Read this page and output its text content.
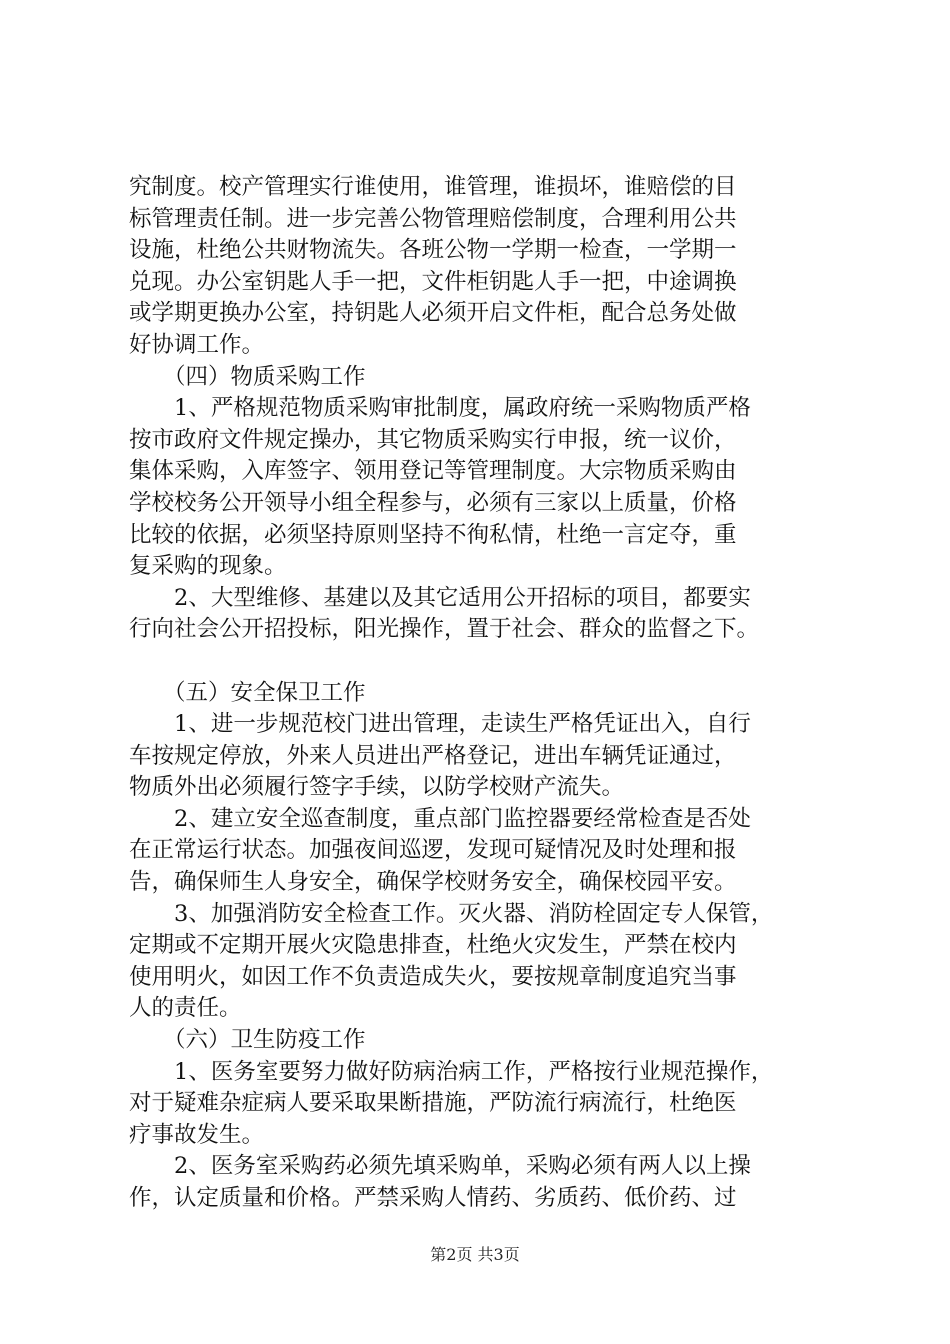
究制度。校产管理实行谁使用，谁管理，谁损坏，谁赔偿的目
标管理责任制。进一步完善公物管理赔偿制度，合理利用公共
设施，杜绝公共财物流失。各班公物一学期一检查，一学期一
兑现。办公室钥匙人手一把，文件柜钥匙人手一把，中途调换
或学期更换办公室，持钥匙人必须开启文件柜，配合总务处做
好协调工作。
（四）物质采购工作
1、严格规范物质采购审批制度，属政府统一采购物质严格
按市政府文件规定操办，其它物质采购实行申报，统一议价，
集体采购，入库签字、领用登记等管理制度。大宗物质采购由
学校校务公开领导小组全程参与，必须有三家以上质量，价格
比较的依据，必须坚持原则坚持不徇私情，杜绝一言定夺，重
复采购的现象。
2、大型维修、基建以及其它适用公开招标的项目，都要实
行向社会公开招投标，阳光操作，置于社会、群众的监督之下。
（五）安全保卫工作
1、进一步规范校门进出管理，走读生严格凭证出入，自行
车按规定停放，外来人员进出严格登记，进出车辆凭证通过，
物质外出必须履行签字手续，以防学校财产流失。
2、建立安全巡查制度，重点部门监控器要经常检查是否处
在正常运行状态。加强夜间巡逻，发现可疑情况及时处理和报
告，确保师生人身安全，确保学校财务安全，确保校园平安。
3、加强消防安全检查工作。灭火器、消防栓固定专人保管，
定期或不定期开展火灾隐患排查，杜绝火灾发生，严禁在校内
使用明火，如因工作不负责造成失火，要按规章制度追究当事
人的责任。
（六）卫生防疫工作
1、医务室要努力做好防病治病工作，严格按行业规范操作，
对于疑难杂症病人要采取果断措施，严防流行病流行，杜绝医
疗事故发生。
2、医务室采购药必须先填采购单，采购必须有两人以上操
作，认定质量和价格。严禁采购人情药、劣质药、低价药、过
第2页 共3页
